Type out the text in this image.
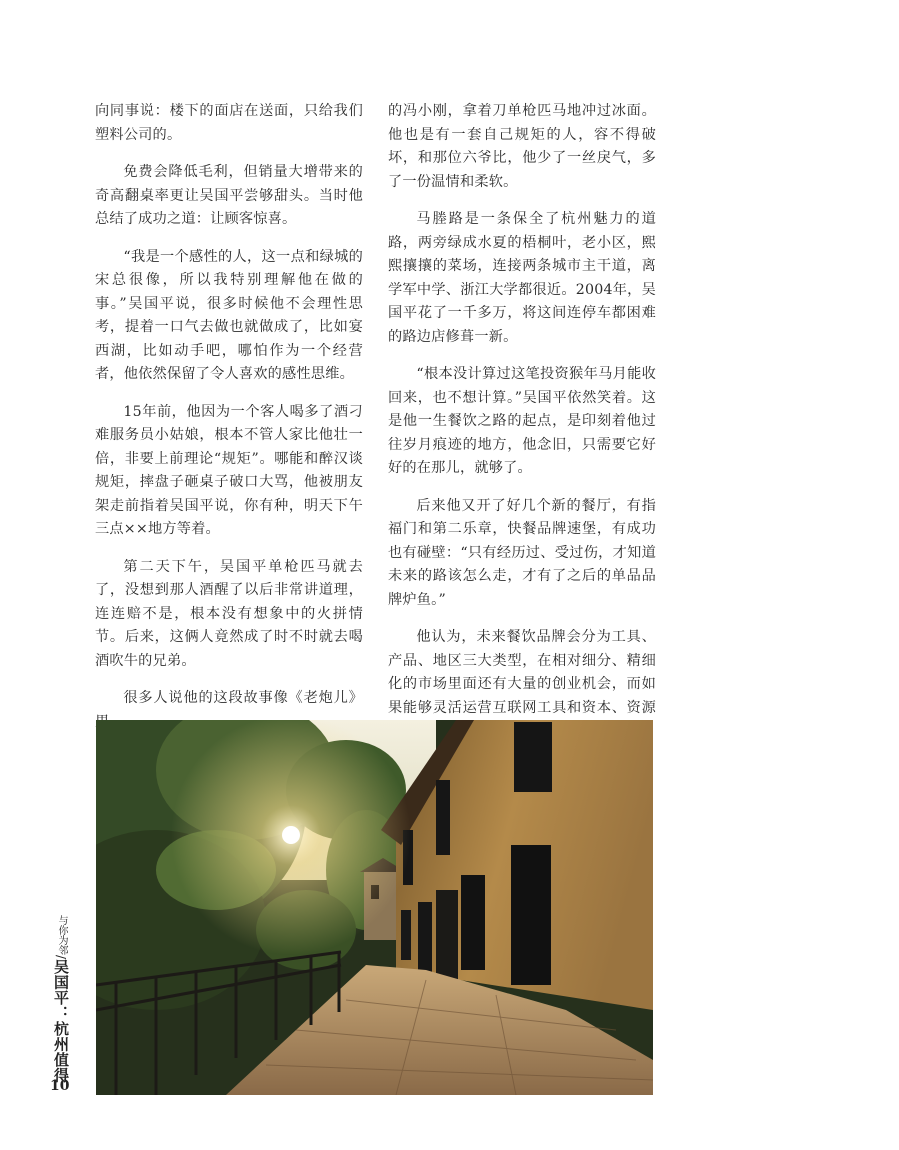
向同事说：楼下的面店在送面，只给我们塑料公司的。

免费会降低毛利，但销量大增带来的奇高翻桌率更让吴国平尝够甜头。当时他总结了成功之道：让顾客惊喜。

“我是一个感性的人，这一点和绿城的宋总很像，所以我特别理解他在做的事。”吴国平说，很多时候他不会理性思考，提着一口气去做也就做成了，比如宴西湖，比如动手吧，哪怕作为一个经营者，他依然保留了令人喜欢的感性思维。

15年前，他因为一个客人喝多了酒刁难服务员小姑娘，根本不管人家比他壮一倍，非要上前理论“规矩”。哪能和醉汉谈规矩，摔盘子砸桌子破口大骂，他被朋友架走前指着吴国平说，你有种，明天下午三点××地方等着。

第二天下午，吴国平单枪匹马就去了，没想到那人酒醒了以后非常讲道理，连连赔不是，根本没有想象中的火拼情节。后来，这俩人竟然成了时不时就去喝酒吹牛的兄弟。

很多人说他的这段故事像《老炮儿》

的冯小刚，拿着刀单枪匹马地冲过冰面。他也是有一套自己规矩的人，容不得破坏，和那位六爷比，他少了一丝戾气，多了一份温情和柔软。

马塍路是一条保全了杭州魅力的道路，两旁绿成水夏的梧桐叶，老小区，熙熙攘攘的菜场，连接两条城市主干道，离学军中学、浙江大学都很近。2004年，吴国平花了一千多万，将这间连停车都困难的路边店修葺一新。

“根本没计算过这笔投资猴年马月能收回来，也不想计算。”吴国平依然笑着。这是他一生餐饮之路的起点，是印刻着他过往岁月痕迹的地方，他念旧，只需要它好好的在那儿，就够了。

后来他又开了好几个新的餐厅，有指福门和第二乐章，快餐品牌速堡，有成功也有碰壁：“只有经历过、受过伤，才知道未来的路该怎么走，才有了之后的单品品牌炉鱼。”

他认为，未来餐饮品牌会分为工具、产品、地区三大类型，在相对细分、精细化的市场里面还有大量的创业机会，而如果能够灵活运营互联网工具和资本、资源

与你为邻/吴国平：杭州值得
10
